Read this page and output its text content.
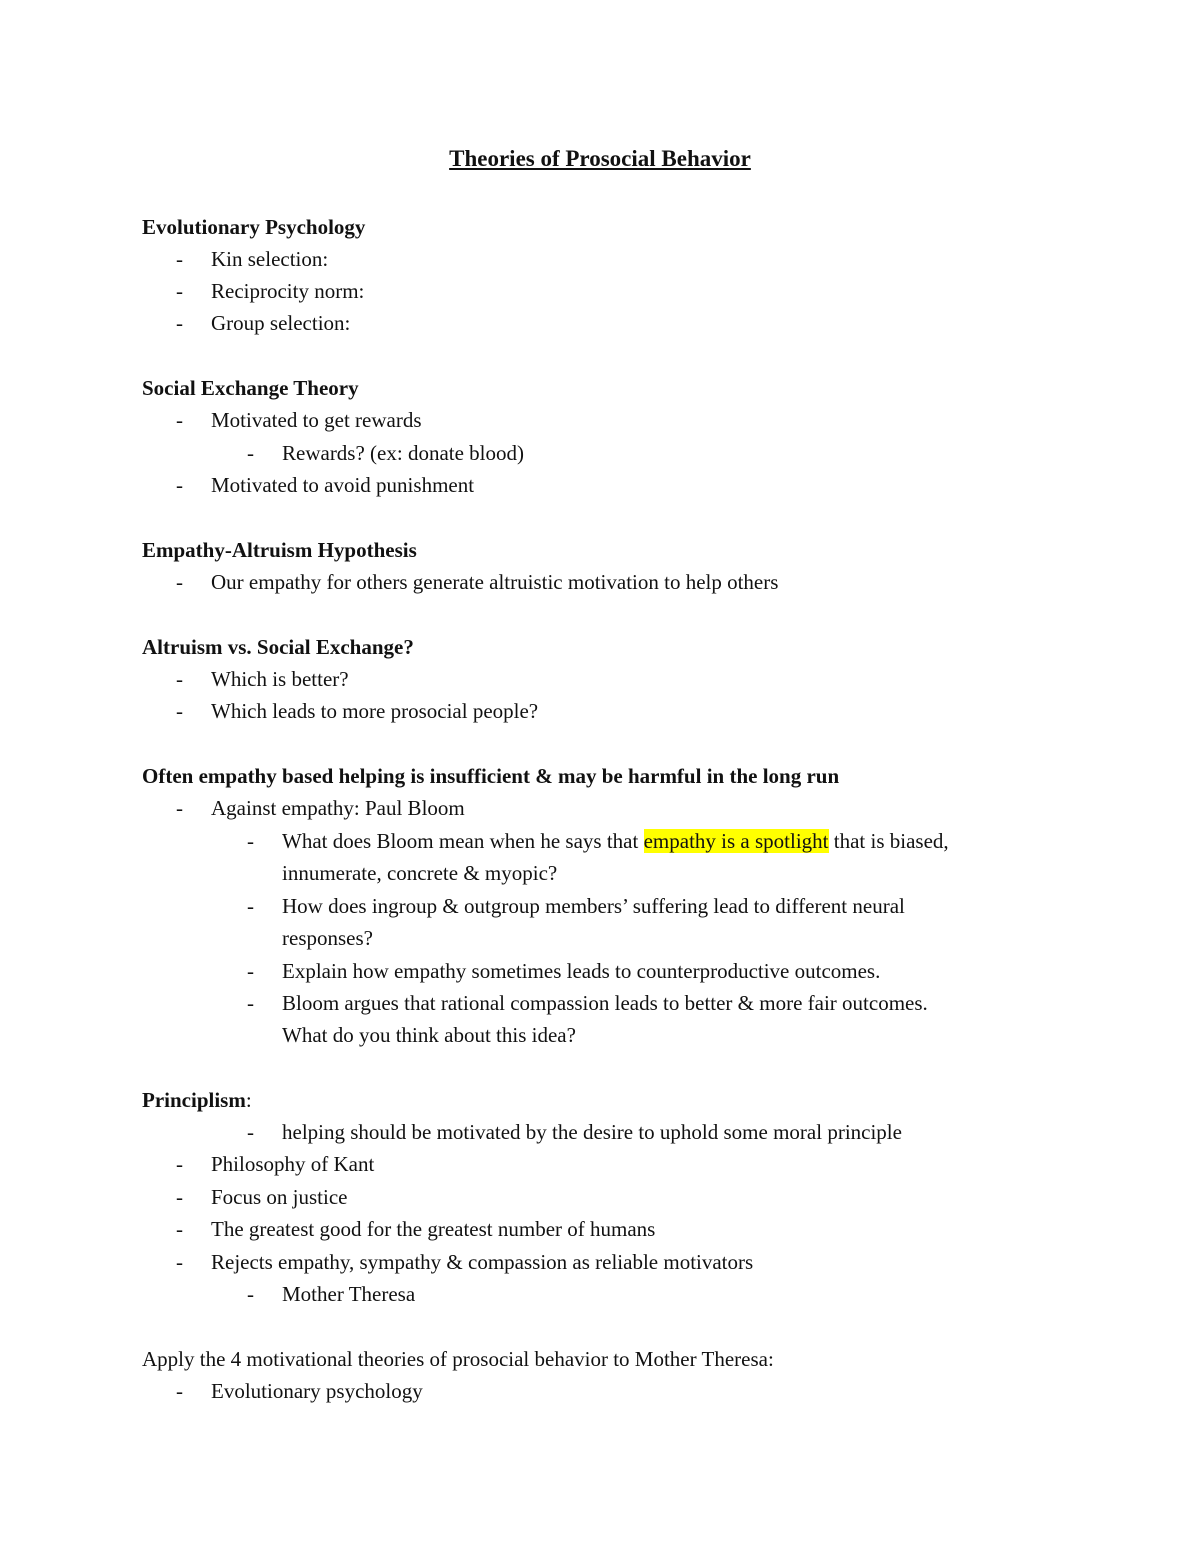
Theories of Prosocial Behavior
Evolutionary Psychology
- Kin selection:
- Reciprocity norm:
- Group selection:
Social Exchange Theory
- Motivated to get rewards
- Rewards? (ex: donate blood)
- Motivated to avoid punishment
Empathy-Altruism Hypothesis
- Our empathy for others generate altruistic motivation to help others
Altruism vs. Social Exchange?
- Which is better?
- Which leads to more prosocial people?
Often empathy based helping is insufficient & may be harmful in the long run
- Against empathy: Paul Bloom
- What does Bloom mean when he says that empathy is a spotlight that is biased,
innumerate, concrete & myopic?
- How does ingroup & outgroup members’ suffering lead to different neural
responses?
- Explain how empathy sometimes leads to counterproductive outcomes.
- Bloom argues that rational compassion leads to better & more fair outcomes.
What do you think about this idea?
Principlism:
- helping should be motivated by the desire to uphold some moral principle
- Philosophy of Kant
- Focus on justice
- The greatest good for the greatest number of humans
- Rejects empathy, sympathy & compassion as reliable motivators
- Mother Theresa
Apply the 4 motivational theories of prosocial behavior to Mother Theresa:
- Evolutionary psychology
